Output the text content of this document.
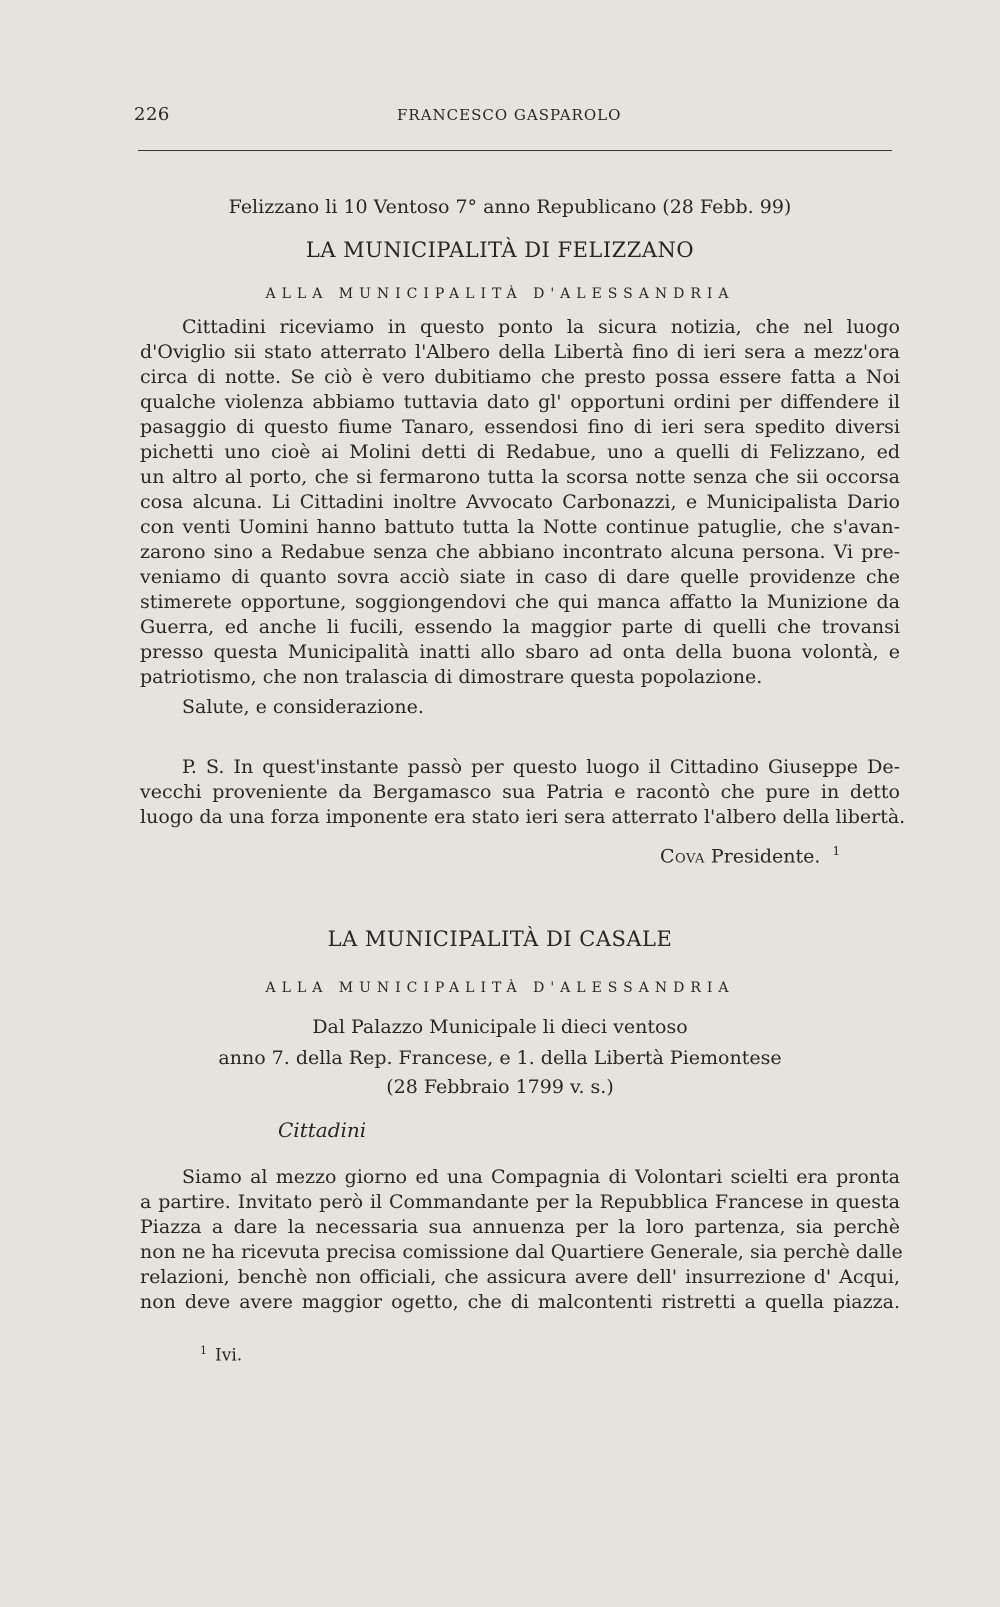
226	FRANCESCO GASPAROLO
Felizzano li 10 Ventoso 7° anno Republicano (28 Febb. 99)
LA MUNICIPALITÀ DI FELIZZANO
ALLA MUNICIPALITÀ D'ALESSANDRIA
Cittadini riceviamo in questo ponto la sicura notizia, che nel luogo
d'Oviglio sii stato atterrato l'Albero della Libertà fino di ieri sera a mezz'ora
circa di notte. Se ciò è vero dubitiamo che presto possa essere fatta a Noi
qualche violenza abbiamo tuttavia dato gl' opportuni ordini per diffendere il
pasaggio di questo fiume Tanaro, essendosi fino di ieri sera spedito diversi
pichetti uno cioè ai Molini detti di Redabue, uno a quelli di Felizzano, ed
un altro al porto, che si fermarono tutta la scorsa notte senza che sii occorsa
cosa alcuna. Li Cittadini inoltre Avvocato Carbonazzi, e Municipalista Dario
con venti Uomini hanno battuto tutta la Notte continue patuglie, che s'avan-
zarono sino a Redabue senza che abbiano incontrato alcuna persona. Vi pre-
veniamo di quanto sovra acciò siate in caso di dare quelle providenze che
stimerete opportune, soggiongendovi che qui manca affatto la Munizione da
Guerra, ed anche li fucili, essendo la maggior parte di quelli che trovansi
presso questa Municipalità inatti allo sbaro ad onta della buona volontà, e
patriotismo, che non tralascia di dimostrare questa popolazione.
Salute, e considerazione.
P. S. In quest'instante passò per questo luogo il Cittadino Giuseppe De-
vecchi proveniente da Bergamasco sua Patria e racontò che pure in detto
luogo da una forza imponente era stato ieri sera atterrato l'albero della libertà.
Cova Presidente. $^1$
LA MUNICIPALITÀ DI CASALE
ALLA MUNICIPALITÀ D'ALESSANDRIA
Dal Palazzo Municipale li dieci ventoso
anno 7. della Rep. Francese, e 1. della Libertà Piemontese
(28 Febbraio 1799 v. s.)
Cittadini
Siamo al mezzo giorno ed una Compagnia di Volontari scielti era pronta
a partire. Invitato però il Commandante per la Repubblica Francese in questa
Piazza a dare la necessaria sua annuenza per la loro partenza, sia perchè
non ne ha ricevuta precisa comissione dal Quartiere Generale, sia perchè dalle
relazioni, benchè non officiali, che assicura avere dell' insurrezione d' Acqui,
non deve avere maggior ogetto, che di malcontenti ristretti a quella piazza.
$^1$ Ivi.
